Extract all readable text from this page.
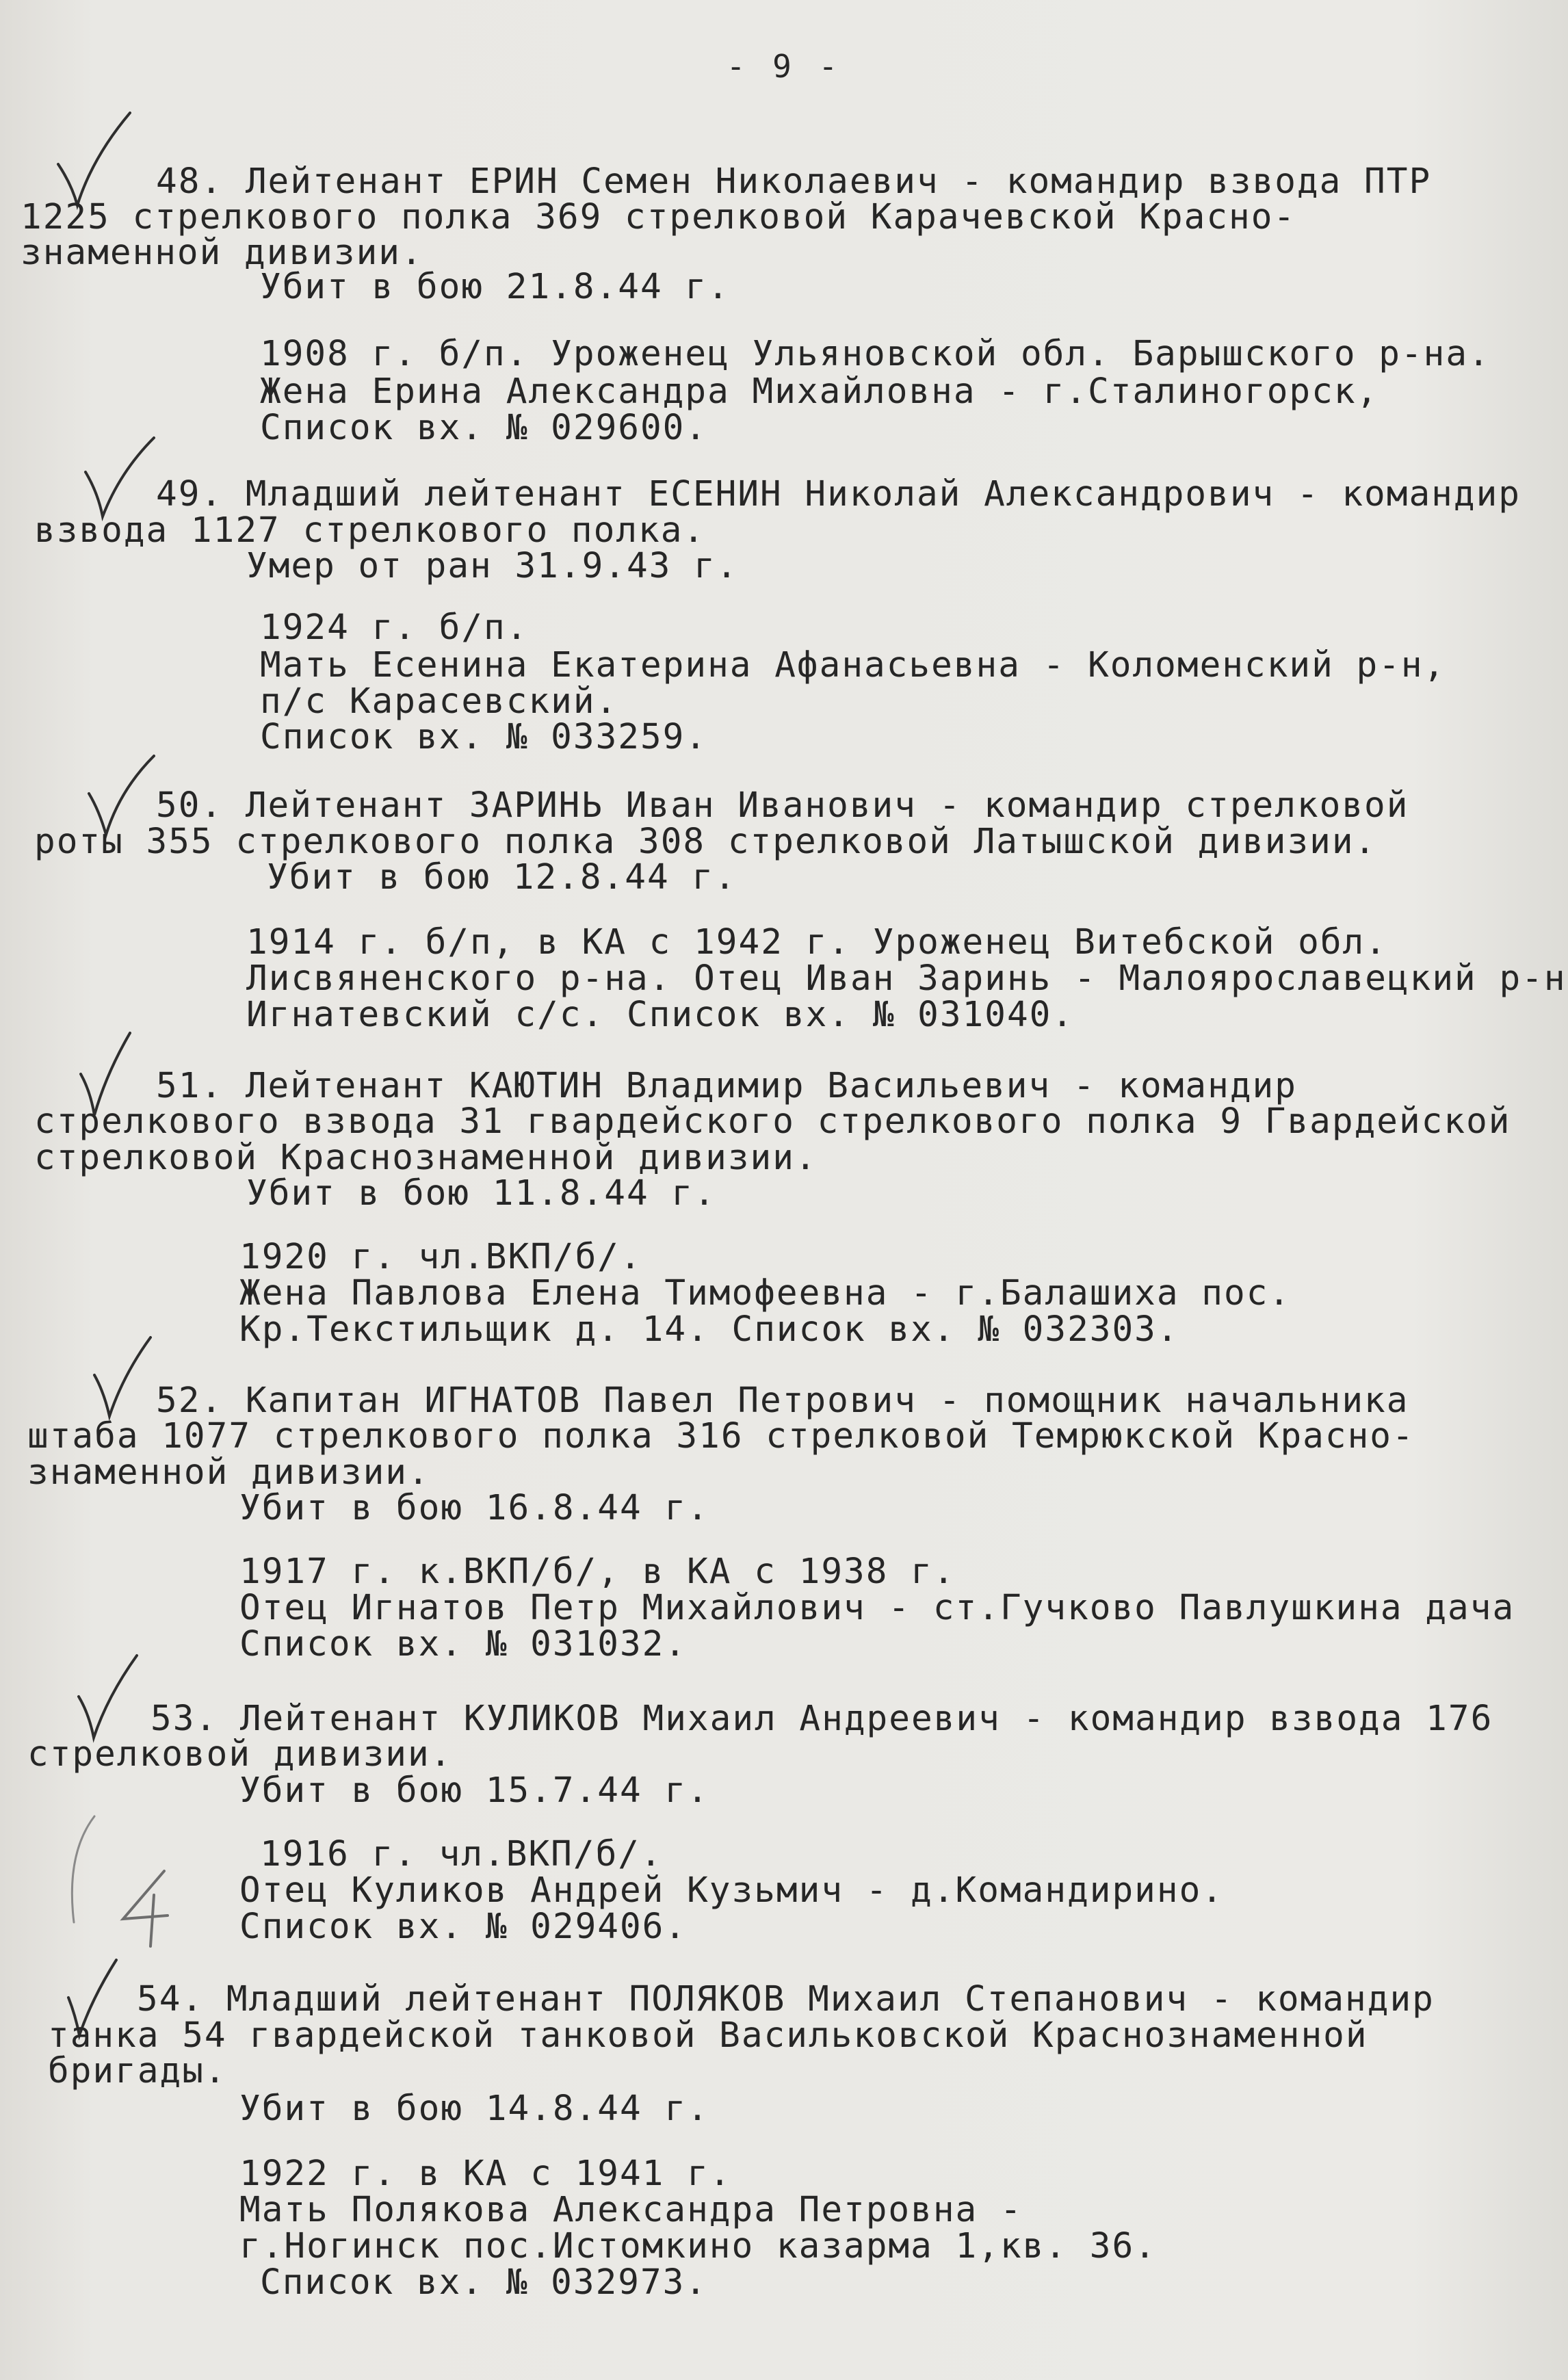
- 9 -
48. Лейтенант ЕРИН Семен Николаевич - командир взвода ПТР
1225 стрелкового полка 369 стрелковой Карачевской Красно-
знаменной дивизии.
Убит в бою 21.8.44 г.
1908 г. б/п. Уроженец Ульяновской обл. Барышского р-на.
Жена Ерина Александра Михайловна - г.Сталиногорск,
Список вх. № 029600.
49. Младший лейтенант ЕСЕНИН Николай Александрович - командир
взвода 1127 стрелкового полка.
Умер от ран 31.9.43 г.
1924 г. б/п.
Мать Есенина Екатерина Афанасьевна - Коломенский р-н,
п/с Карасевский.
Список вх. № 033259.
50. Лейтенант ЗАРИНЬ Иван Иванович - командир стрелковой
роты 355 стрелкового полка 308 стрелковой Латышской дивизии.
Убит в бою 12.8.44 г.
1914 г. б/п, в КА с 1942 г. Уроженец Витебской обл.
Лисвяненского р-на. Отец Иван Заринь - Малоярославецкий р-н
Игнатевский с/с. Список вх. № 031040.
51. Лейтенант КАЮТИН Владимир Васильевич - командир
стрелкового взвода 31 гвардейского стрелкового полка 9 Гвардейской
стрелковой Краснознаменной дивизии.
Убит в бою 11.8.44 г.
1920 г. чл.ВКП/б/.
Жена Павлова Елена Тимофеевна - г.Балашиха пос.
Кр.Текстильщик д. 14. Список вх. № 032303.
52. Капитан ИГНАТОВ Павел Петрович - помощник начальника
штаба 1077 стрелкового полка 316 стрелковой Темрюкской Красно-
знаменной дивизии.
Убит в бою 16.8.44 г.
1917 г. к.ВКП/б/, в КА с 1938 г.
Отец Игнатов Петр Михайлович - ст.Гучково Павлушкина дача
Список вх. № 031032.
53. Лейтенант КУЛИКОВ Михаил Андреевич - командир взвода 176
стрелковой дивизии.
Убит в бою 15.7.44 г.
1916 г. чл.ВКП/б/.
Отец Куликов Андрей Кузьмич - д.Командирино.
Список вх. № 029406.
4
54. Младший лейтенант ПОЛЯКОВ Михаил Степанович - командир
танка 54 гвардейской танковой Васильковской Краснознаменной
бригады.
Убит в бою 14.8.44 г.
1922 г. в КА с 1941 г.
Мать Полякова Александра Петровна -
г.Ногинск пос.Истомкино казарма 1,кв. 36.
Список вх. № 032973.
